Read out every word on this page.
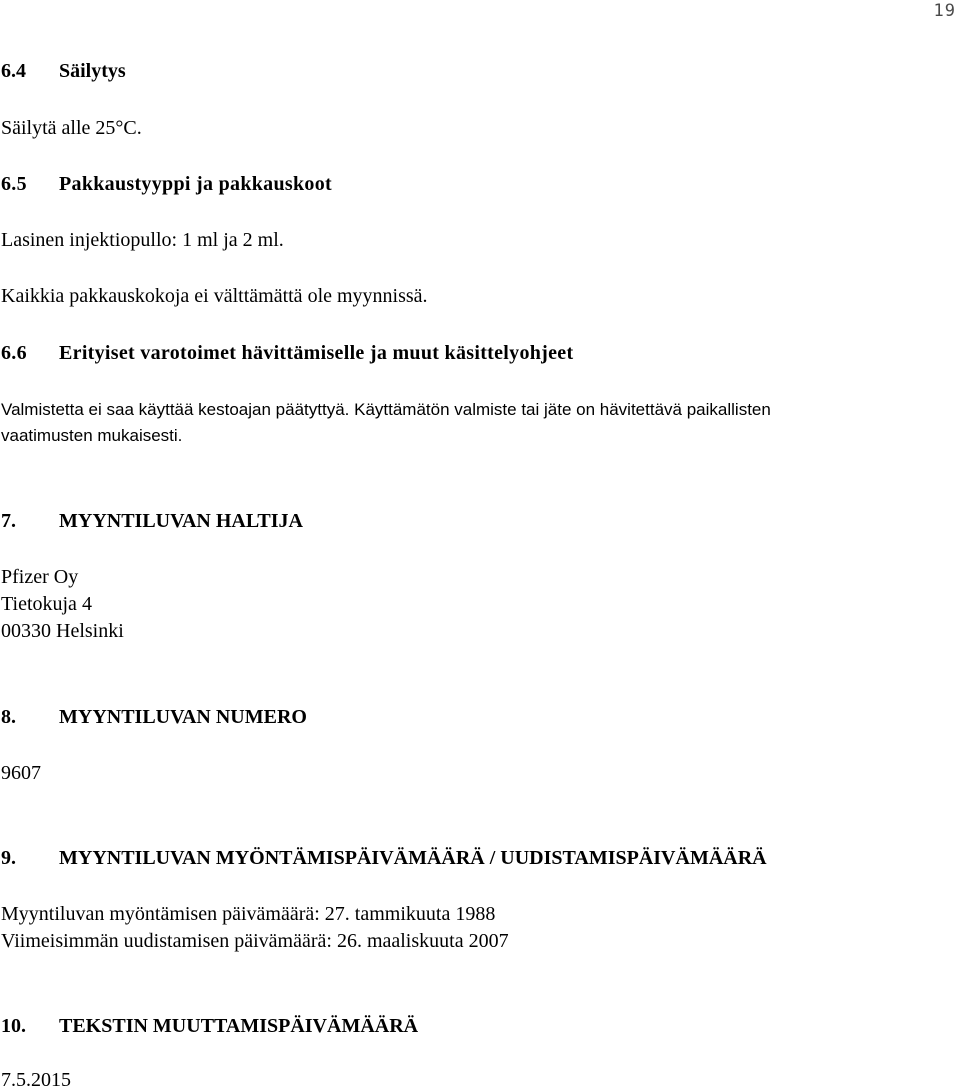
19
6.4 Säilytys
Säilytä alle 25°C.
6.5 Pakkaustyyppi ja pakkauskoot
Lasinen injektiopullo: 1 ml ja 2 ml.
Kaikkia pakkauskokoja ei välttämättä ole myynnissä.
6.6 Erityiset varotoimet hävittämiselle ja muut käsittelyohjeet
Valmistetta ei saa käyttää kestoajan päätyttyä. Käyttämätön valmiste tai jäte on hävitettävä paikallisten
vaatimusten mukaisesti.
7. MYYNTILUVAN HALTIJA
Pfizer Oy
Tietokuja 4
00330 Helsinki
8. MYYNTILUVAN NUMERO
9607
9. MYYNTILUVAN MYÖNTÄMISPÄIVÄMÄÄRÄ / UUDISTAMISPÄIVÄMÄÄRÄ
Myyntiluvan myöntämisen päivämäärä: 27. tammikuuta 1988
Viimeisimmän uudistamisen päivämäärä: 26. maaliskuuta 2007
10. TEKSTIN MUUTTAMISPÄIVÄMÄÄRÄ
7.5.2015
